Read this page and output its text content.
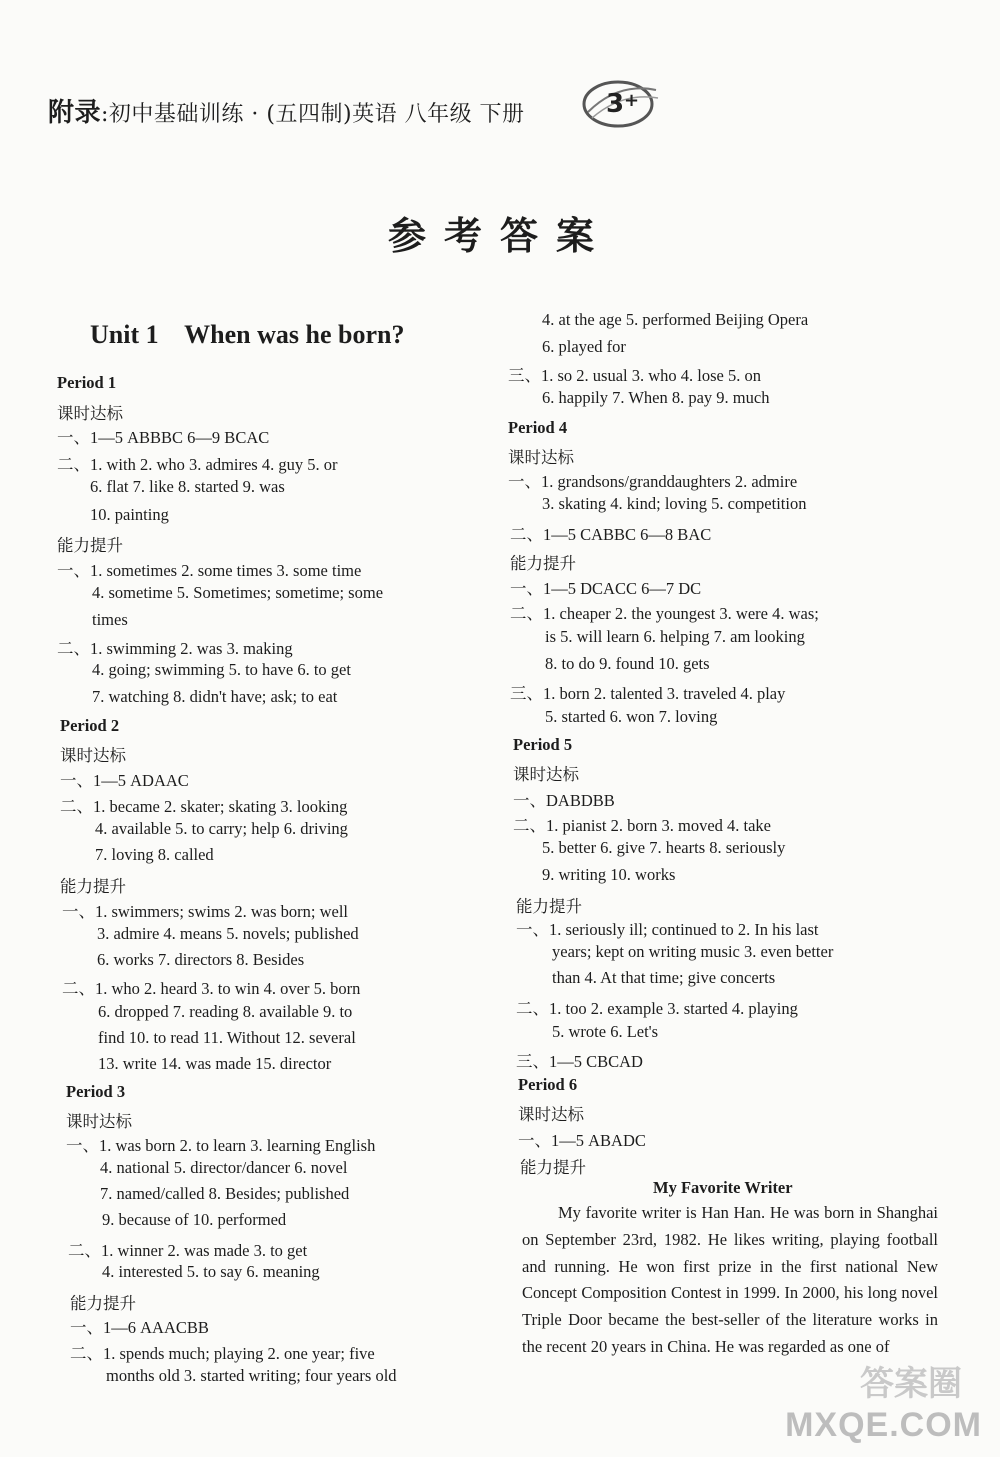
附录:初中基础训练 · (五四制)英语 八年级 下册	3 +
参考答案
Unit 1    When was he born?
Period 1
课时达标
一、1—5 ABBBC 6—9 BCAC
二、1. with 2. who 3. admires 4. guy 5. or
6. flat 7. like 8. started 9. was
10. painting
能力提升
一、1. sometimes 2. some times 3. some time
4. sometime 5. Sometimes; sometime; some
times
二、1. swimming 2. was 3. making
4. going; swimming 5. to have 6. to get
7. watching 8. didn't have; ask; to eat
Period 2
课时达标
一、1—5 ADAAC
二、1. became 2. skater; skating 3. looking
4. available 5. to carry; help 6. driving
7. loving 8. called
能力提升
一、1. swimmers; swims 2. was born; well
3. admire 4. means 5. novels; published
6. works 7. directors 8. Besides
二、1. who 2. heard 3. to win 4. over 5. born
6. dropped 7. reading 8. available 9. to
find 10. to read 11. Without 12. several
13. write 14. was made 15. director
Period 3
课时达标
一、1. was born 2. to learn 3. learning English
4. national 5. director/dancer 6. novel
7. named/called 8. Besides; published
9. because of 10. performed
二、1. winner 2. was made 3. to get
4. interested 5. to say 6. meaning
能力提升
一、1—6 AAACBB
二、1. spends much; playing 2. one year; five
months old 3. started writing; four years old
4. at the age 5. performed Beijing Opera
6. played for
三、1. so 2. usual 3. who 4. lose 5. on
6. happily 7. When 8. pay 9. much
Period 4
课时达标
一、1. grandsons/granddaughters 2. admire
3. skating 4. kind; loving 5. competition
二、1—5 CABBC 6—8 BAC
能力提升
一、1—5 DCACC 6—7 DC
二、1. cheaper 2. the youngest 3. were 4. was;
is 5. will learn 6. helping 7. am looking
8. to do 9. found 10. gets
三、1. born 2. talented 3. traveled 4. play
5. started 6. won 7. loving
Period 5
课时达标
一、DABDBB
二、1. pianist 2. born 3. moved 4. take
5. better 6. give 7. hearts 8. seriously
9. writing 10. works
能力提升
一、1. seriously ill; continued to 2. In his last
years; kept on writing music 3. even better
than 4. At that time; give concerts
二、1. too 2. example 3. started 4. playing
5. wrote 6. Let's
三、1—5 CBCAD
Period 6
课时达标
一、1—5 ABADC
能力提升
My Favorite Writer
My favorite writer is Han Han. He was born in Shanghai on September 23rd, 1982. He likes writing, playing football and running. He won first prize in the first national New Concept Composition Contest in 1999. In 2000, his long novel Triple Door became the best-seller of the literature works in the recent 20 years in China. He was regarded as one of
答案圈
MXQE.COM
